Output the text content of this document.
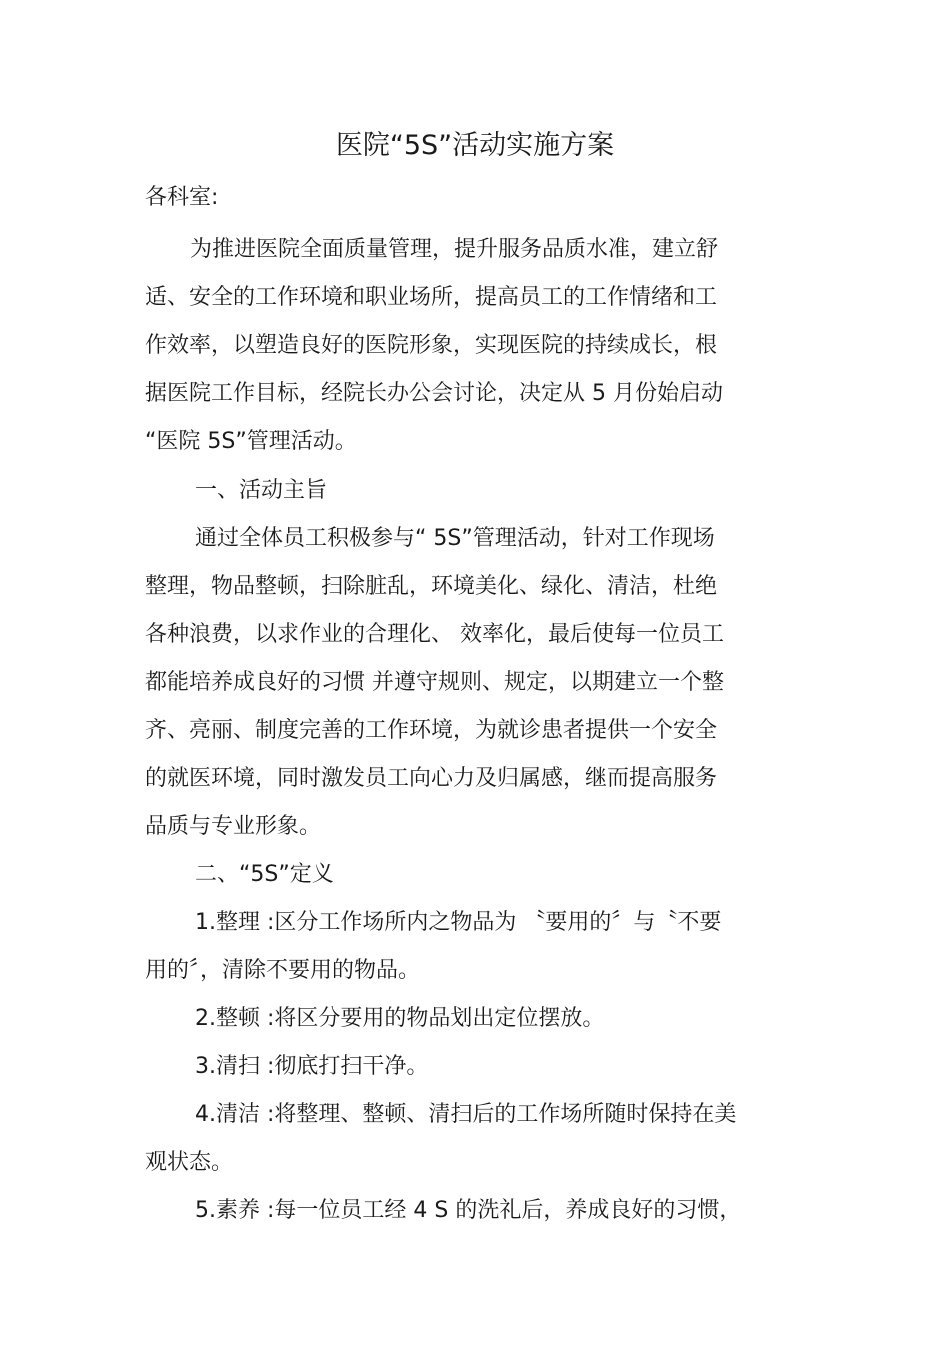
医院“5S”活动实施方案
各科室:
为推进医院全面质量管理，提升服务品质水准，建立舒
适、安全的工作环境和职业场所，提高员工的工作情绪和工
作效率，以塑造良好的医院形象，实现医院的持续成长，根
据医院工作目标，经院长办公会讨论，决定从 5 月份始启动
“医院 5S”管理活动。
一、活动主旨
通过全体员工积极参与“ 5S”管理活动，针对工作现场
整理，物品整顿，扫除脏乱，环境美化、绿化、清洁，杜绝
各种浪费，以求作业的合理化、 效率化，最后使每一位员工
都能培养成良好的习惯 并遵守规则、规定，以期建立一个整
齐、亮丽、制度完善的工作环境，为就诊患者提供一个安全
的就医环境，同时激发员工向心力及归属感，继而提高服务
品质与专业形象。
二、“5S”定义
1.整理 :区分工作场所内之物品为 〝要用的〞与〝不要
用的〞，清除不要用的物品。
2.整顿 :将区分要用的物品划出定位摆放。
3.清扫 :彻底打扫干净。
4.清洁 :将整理、整顿、清扫后的工作场所随时保持在美
观状态。
5.素养 :每一位员工经 4 S 的洗礼后，养成良好的习惯，
